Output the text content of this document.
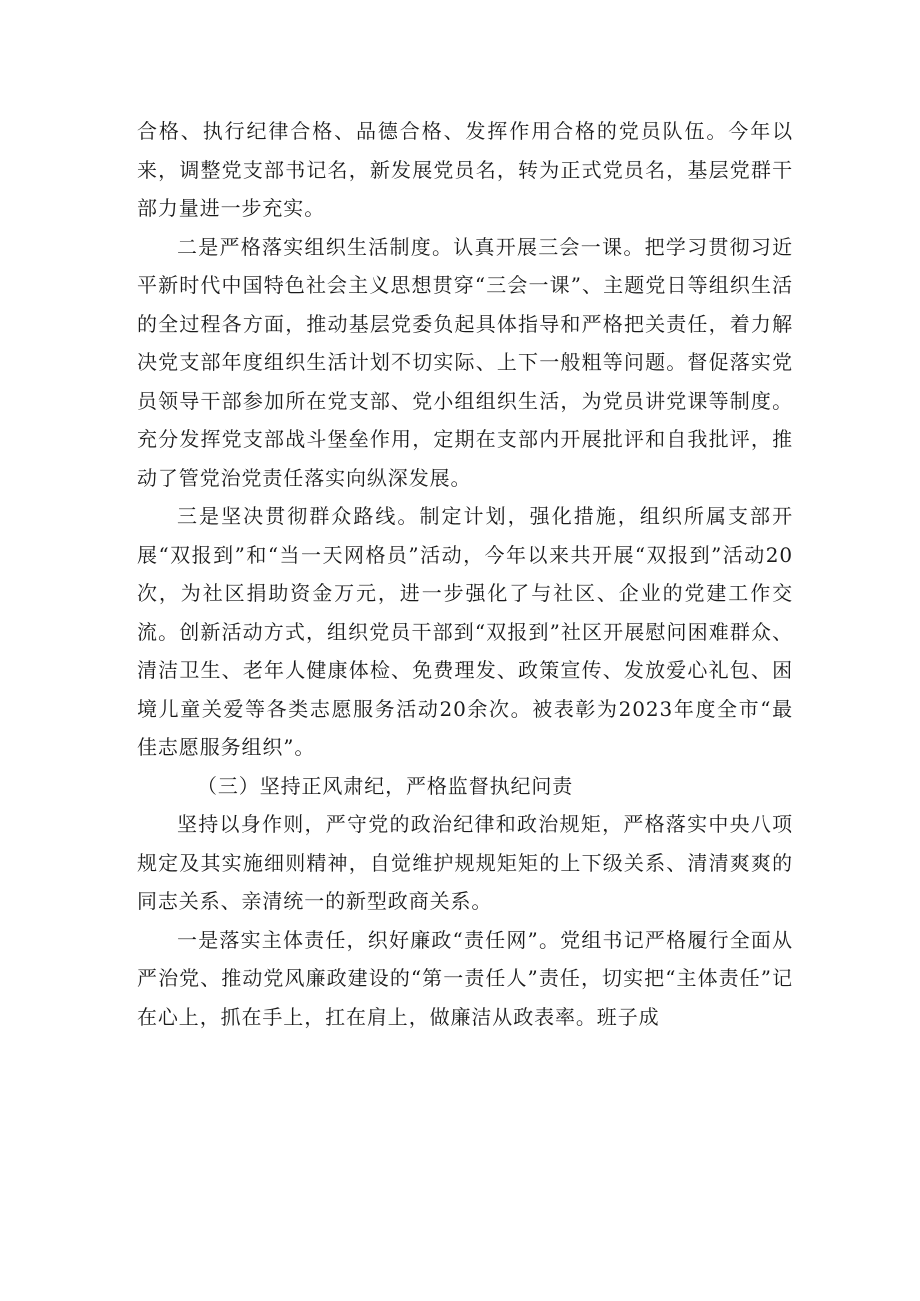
合格、执行纪律合格、品德合格、发挥作用合格的党员队伍。今年以来，调整党支部书记名，新发展党员名，转为正式党员名，基层党群干部力量进一步充实。

二是严格落实组织生活制度。认真开展三会一课。把学习贯彻习近平新时代中国特色社会主义思想贯穿“三会一课”、主题党日等组织生活的全过程各方面，推动基层党委负起具体指导和严格把关责任，着力解决党支部年度组织生活计划不切实际、上下一般粗等问题。督促落实党员领导干部参加所在党支部、党小组组织生活，为党员讲党课等制度。充分发挥党支部战斗堡垒作用，定期在支部内开展批评和自我批评，推动了管党治党责任落实向纵深发展。

三是坚决贯彻群众路线。制定计划，强化措施，组织所属支部开展“双报到”和“当一天网格员”活动，今年以来共开展“双报到”活动20次，为社区捐助资金万元，进一步强化了与社区、企业的党建工作交流。创新活动方式，组织党员干部到“双报到”社区开展慰问困难群众、清洁卫生、老年人健康体检、免费理发、政策宣传、发放爱心礼包、困境儿童关爱等各类志愿服务活动20余次。被表彰为2023年度全市“最佳志愿服务组织”。

（三）坚持正风肃纪，严格监督执纪问责

坚持以身作则，严守党的政治纪律和政治规矩，严格落实中央八项规定及其实施细则精神，自觉维护规规矩矩的上下级关系、清清爽爽的同志关系、亲清统一的新型政商关系。

一是落实主体责任，织好廉政“责任网”。党组书记严格履行全面从严治党、推动党风廉政建设的“第一责任人”责任，切实把“主体责任”记在心上，抓在手上，扛在肩上，做廉洁从政表率。班子成
